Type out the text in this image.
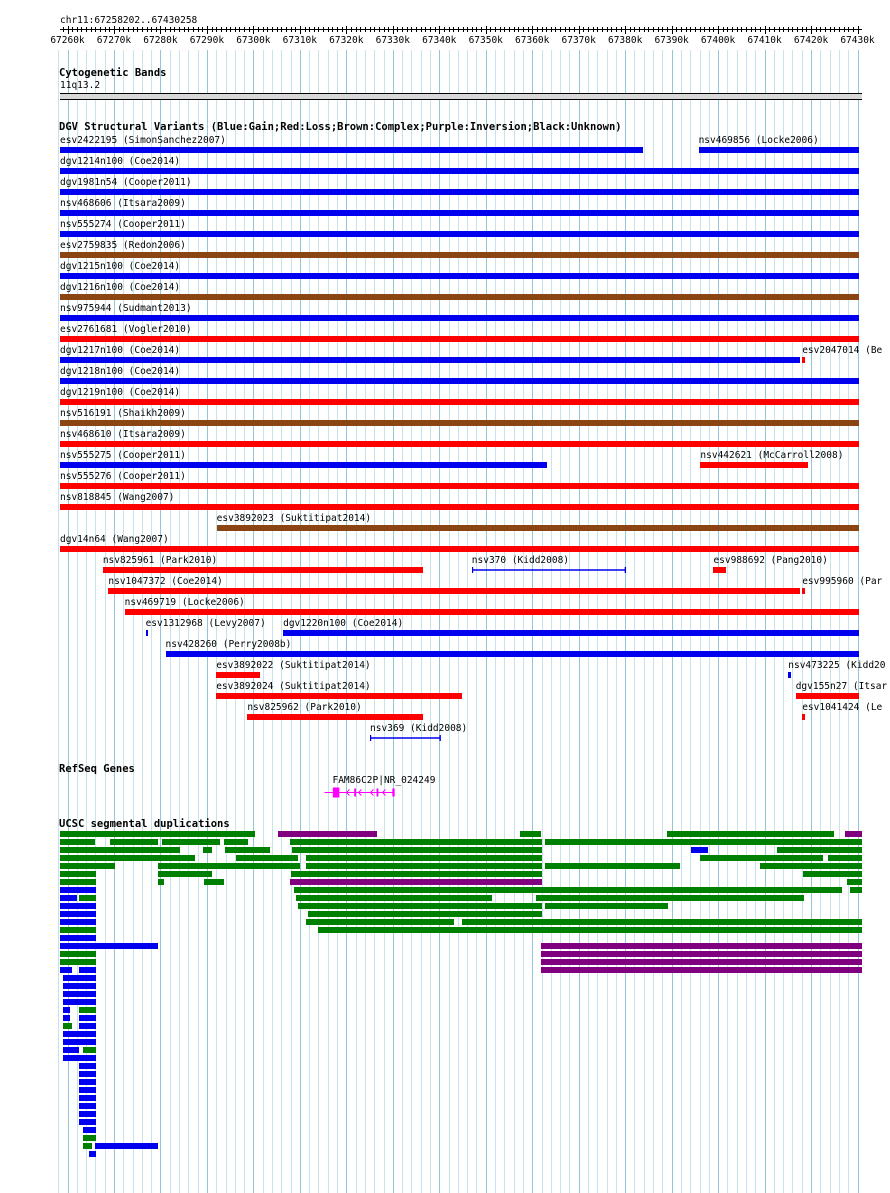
chr11:67258202..67430258
67260k 67270k 67280k 67290k 67300k 67310k 67320k 67330k 67340k 67350k 67360k 67370k 67380k 67390k 67400k 67410k 67420k 67430k
Cytogenetic Bands
11q13.2
DGV Structural Variants (Blue:Gain;Red:Loss;Brown:Complex;Purple:Inversion;Black:Unknown)
esv2422195 (SimonSanchez2007)	nsv469856 (Locke2006)
dgv1214n100 (Coe2014)
dgv1981n54 (Cooper2011)
nsv468606 (Itsara2009)
nsv555274 (Cooper2011)
esv2759835 (Redon2006)
dgv1215n100 (Coe2014)
dgv1216n100 (Coe2014)
nsv975944 (Sudmant2013)
esv2761681 (Vogler2010)
dgv1217n100 (Coe2014)	esv2047014 (Be
dgv1218n100 (Coe2014)
dgv1219n100 (Coe2014)
nsv516191 (Shaikh2009)
nsv468610 (Itsara2009)
nsv555275 (Cooper2011)	nsv442621 (McCarroll2008)
nsv555276 (Cooper2011)
nsv818845 (Wang2007)
esv3892023 (Suktitipat2014)
dgv14n64 (Wang2007)
nsv825961 (Park2010)	nsv370 (Kidd2008)	esv988692 (Pang2010)
nsv1047372 (Coe2014)	esv995960 (Par
nsv469719 (Locke2006)
esv1312968 (Levy2007) dgv1220n100 (Coe2014)
nsv428260 (Perry2008b)
esv3892022 (Suktitipat2014)	nsv473225 (Kidd20
esv3892024 (Suktitipat2014)	dgv155n27 (Itsar
nsv825962 (Park2010)	esv1041424 (Le
nsv369 (Kidd2008)
RefSeq Genes
FAM86C2P|NR_024249
UCSC segmental duplications
